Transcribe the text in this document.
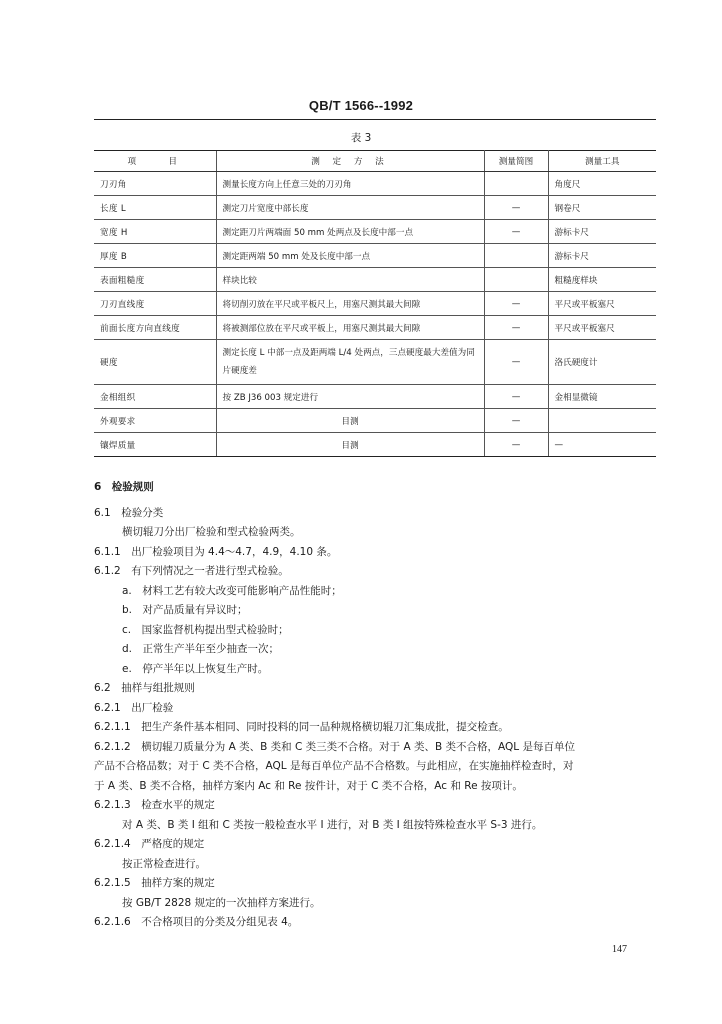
QB/T 1566--1992
表 3
项　　目	测 定 方 法	测量简图	测量工具
刀刃角	测量长度方向上任意三处的刀刃角		角度尺
长度 L	测定刀片宽度中部长度	—	钢卷尺
宽度 H	测定距刀片两端面 50 mm 处两点及长度中部一点	—	游标卡尺
厚度 B	测定距两端 50 mm 处及长度中部一点		游标卡尺
表面粗糙度	样块比较		粗糙度样块
刀刃直线度	将切削刃放在平尺或平板尺上，用塞尺测其最大间隙	—	平尺或平板塞尺
前面长度方向直线度	将被测部位放在平尺或平板上，用塞尺测其最大间隙	—	平尺或平板塞尺
硬度	测定长度 L 中部一点及距两端 L/4 处两点，三点硬度最大差值为同片硬度差	—	洛氏硬度计
金相组织	按 ZB J36 003 规定进行	—	金相显微镜
外观要求	目测	—	
镶焊质量	目测	—	—
6　检验规则
6.1　检验分类
横切辊刀分出厂检验和型式检验两类。
6.1.1　出厂检验项目为 4.4～4.7，4.9，4.10 条。
6.1.2　有下列情况之一者进行型式检验。
a.　材料工艺有较大改变可能影响产品性能时；
b.　对产品质量有异议时；
c.　国家监督机构提出型式检验时；
d.　正常生产半年至少抽查一次；
e.　停产半年以上恢复生产时。
6.2　抽样与组批规则
6.2.1　出厂检验
6.2.1.1　把生产条件基本相同、同时投料的同一品种规格横切辊刀汇集成批，提交检查。
6.2.1.2　横切辊刀质量分为 A 类、B 类和 C 类三类不合格。对于 A 类、B 类不合格，AQL 是每百单位
产品不合格品数；对于 C 类不合格，AQL 是每百单位产品不合格数。与此相应，在实施抽样检查时，对
于 A 类、B 类不合格，抽样方案内 Ac 和 Re 按件计，对于 C 类不合格，Ac 和 Re 按项计。
6.2.1.3　检查水平的规定
对 A 类、B 类 I 组和 C 类按一般检查水平 I 进行，对 B 类 I 组按特殊检查水平 S-3 进行。
6.2.1.4　严格度的规定
按正常检查进行。
6.2.1.5　抽样方案的规定
按 GB/T 2828 规定的一次抽样方案进行。
6.2.1.6　不合格项目的分类及分组见表 4。
147
